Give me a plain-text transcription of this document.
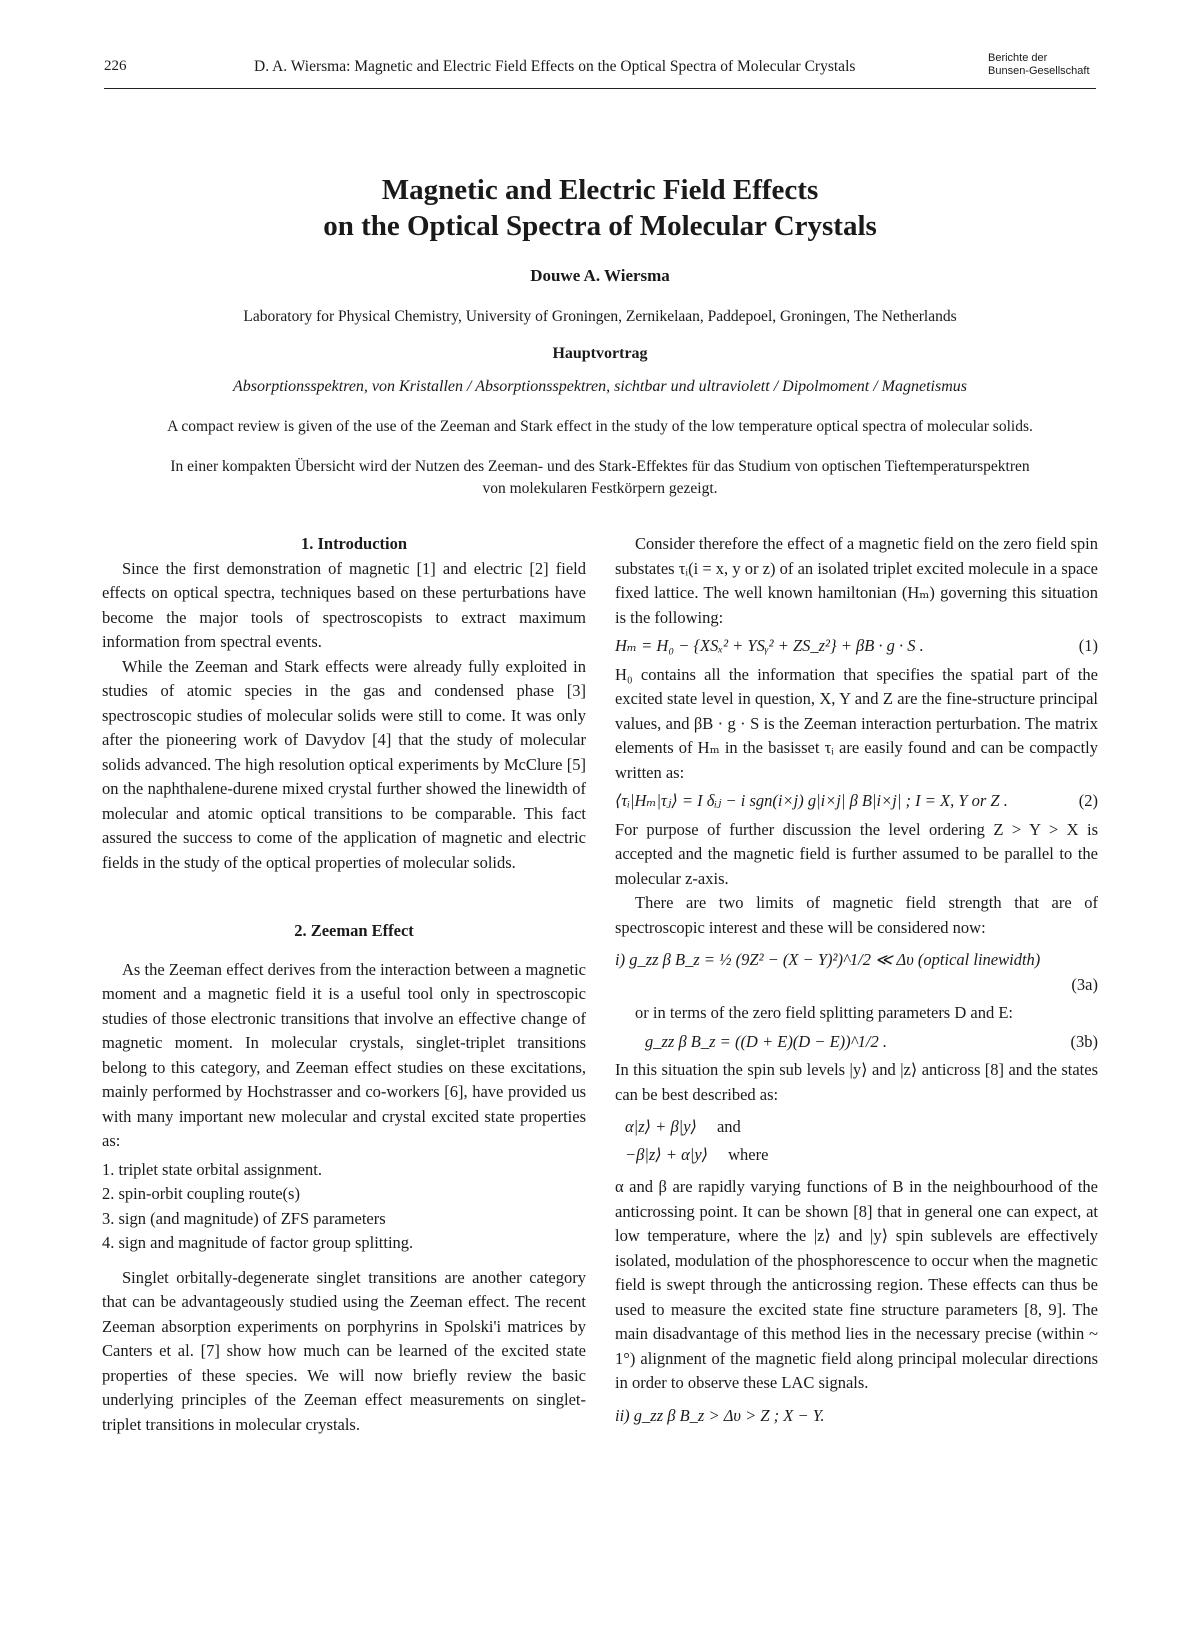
226	D. A. Wiersma: Magnetic and Electric Field Effects on the Optical Spectra of Molecular Crystals	Berichte der
Bunsen-Gesellschaft
Magnetic and Electric Field Effects
on the Optical Spectra of Molecular Crystals
Douwe A. Wiersma
Laboratory for Physical Chemistry, University of Groningen, Zernikelaan, Paddepoel, Groningen, The Netherlands
Hauptvortrag
Absorptionsspektren, von Kristallen / Absorptionsspektren, sichtbar und ultraviolett / Dipolmoment / Magnetismus
A compact review is given of the use of the Zeeman and Stark effect in the study of the low temperature optical spectra of molecular solids.
In einer kompakten Übersicht wird der Nutzen des Zeeman- und des Stark-Effektes für das Studium von optischen Tieftemperaturspektren
von molekularen Festkörpern gezeigt.

1. Introduction

Since the first demonstration of magnetic [1] and electric [2] field effects on optical spectra, techniques based on these perturbations have become the major tools of spectroscopists to extract maximum information from spectral events.

While the Zeeman and Stark effects were already fully exploited in studies of atomic species in the gas and condensed phase [3] spectroscopic studies of molecular solids were still to come. It was only after the pioneering work of Davydov [4] that the study of molecular solids advanced. The high resolution optical experiments by McClure [5] on the naphthalene-durene mixed crystal further showed the linewidth of molecular and atomic optical transitions to be comparable. This fact assured the success to come of the application of magnetic and electric fields in the study of the optical properties of molecular solids.

2. Zeeman Effect

As the Zeeman effect derives from the interaction between a magnetic moment and a magnetic field it is a useful tool only in spectroscopic studies of those electronic transitions that involve an effective change of magnetic moment. In molecular crystals, singlet-triplet transitions belong to this category, and Zeeman effect studies on these excitations, mainly performed by Hochstrasser and co-workers [6], have provided us with many important new molecular and crystal excited state properties as:

1. triplet state orbital assignment.
2. spin-orbit coupling route(s)
3. sign (and magnitude) of ZFS parameters
4. sign and magnitude of factor group splitting.

Singlet orbitally-degenerate singlet transitions are another category that can be advantageously studied using the Zeeman effect. The recent Zeeman absorption experiments on porphyrins in Spolski'i matrices by Canters et al. [7] show how much can be learned of the excited state properties of these species. We will now briefly review the basic underlying principles of the Zeeman effect measurements on singlet-triplet transitions in molecular crystals.

Consider therefore the effect of a magnetic field on the zero field spin substates τᵢ(i = x, y or z) of an isolated triplet excited molecule in a space fixed lattice. The well known hamiltonian (Hₘ) governing this situation is the following:

Hₘ = H₀ − {XSₓ² + YSᵧ² + ZS_z²} + βB · g · S .	(1)

H₀ contains all the information that specifies the spatial part of the excited state level in question, X, Y and Z are the fine-structure principal values, and βB · g · S is the Zeeman interaction perturbation. The matrix elements of Hₘ in the basisset τᵢ are easily found and can be compactly written as:

⟨τᵢ|Hₘ|τⱼ⟩ = I δᵢⱼ − i sgn(i×j) g|i×j| β B|i×j| ; I = X, Y or Z .	(2)

For purpose of further discussion the level ordering Z > Y > X is accepted and the magnetic field is further assumed to be parallel to the molecular z-axis.

There are two limits of magnetic field strength that are of spectroscopic interest and these will be considered now:

i) g_zz β B_z = ½ (9Z² − (X − Y)²)^1/2 ≪ Δυ (optical linewidth)
(3a)

or in terms of the zero field splitting parameters D and E:

g_zz β B_z = ((D + E)(D − E))^1/2 .	(3b)

In this situation the spin sub levels |y⟩ and |z⟩ anticross [8] and the states can be best described as:

α|z⟩ + β|y⟩ and
−β|z⟩ + α|y⟩ where

α and β are rapidly varying functions of B in the neighbourhood of the anticrossing point. It can be shown [8] that in general one can expect, at low temperature, where the |z⟩ and |y⟩ spin sublevels are effectively isolated, modulation of the phosphorescence to occur when the magnetic field is swept through the anticrossing region. These effects can thus be used to measure the excited state fine structure parameters [8, 9]. The main disadvantage of this method lies in the necessary precise (within ~ 1°) alignment of the magnetic field along principal molecular directions in order to observe these LAC signals.

ii) g_zz β B_z > Δυ > Z ; X − Y.
